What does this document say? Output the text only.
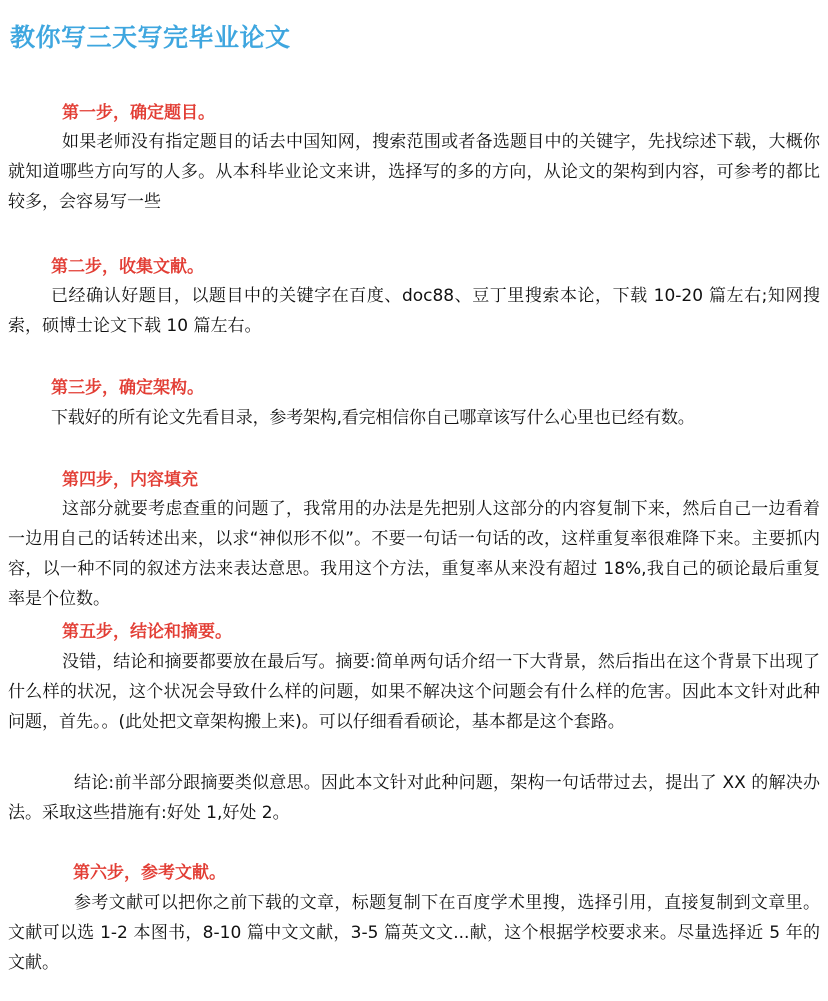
教你写三天写完毕业论文
第一步，确定题目。

如果老师没有指定题目的话去中国知网，搜索范围或者备选题目中的关键字，先找综述下载，大概你就知道哪些方向写的人多。从本科毕业论文来讲，选择写的多的方向，从论文的架构到内容，可参考的都比较多，会容易写一些

第二步，收集文献。

已经确认好题目，以题目中的关键字在百度、doc88、豆丁里搜索本论，下载 10-20 篇左右;知网搜索，硕博士论文下载 10 篇左右。

第三步，确定架构。

下载好的所有论文先看目录，参考架构,看完相信你自己哪章该写什么心里也已经有数。

第四步，内容填充

这部分就要考虑查重的问题了，我常用的办法是先把别人这部分的内容复制下来，然后自己一边看着一边用自己的话转述出来，以求“神似形不似”。不要一句话一句话的改，这样重复率很难降下来。主要抓内容，以一种不同的叙述方法来表达意思。我用这个方法，重复率从来没有超过 18%,我自己的硕论最后重复率是个位数。

第五步，结论和摘要。

没错，结论和摘要都要放在最后写。摘要:简单两句话介绍一下大背景，然后指出在这个背景下出现了什么样的状况，这个状况会导致什么样的问题，如果不解决这个问题会有什么样的危害。因此本文针对此种问题，首先。。(此处把文章架构搬上来)。可以仔细看看硕论，基本都是这个套路。

结论:前半部分跟摘要类似意思。因此本文针对此种问题，架构一句话带过去，提出了 XX 的解决办法。采取这些措施有:好处 1,好处 2。

第六步，参考文献。

参考文献可以把你之前下载的文章，标题复制下在百度学术里搜，选择引用，直接复制到文章里。文献可以选 1-2 本图书，8-10 篇中文文献，3-5 篇英文文...献，这个根据学校要求来。尽量选择近 5 年的文献。
